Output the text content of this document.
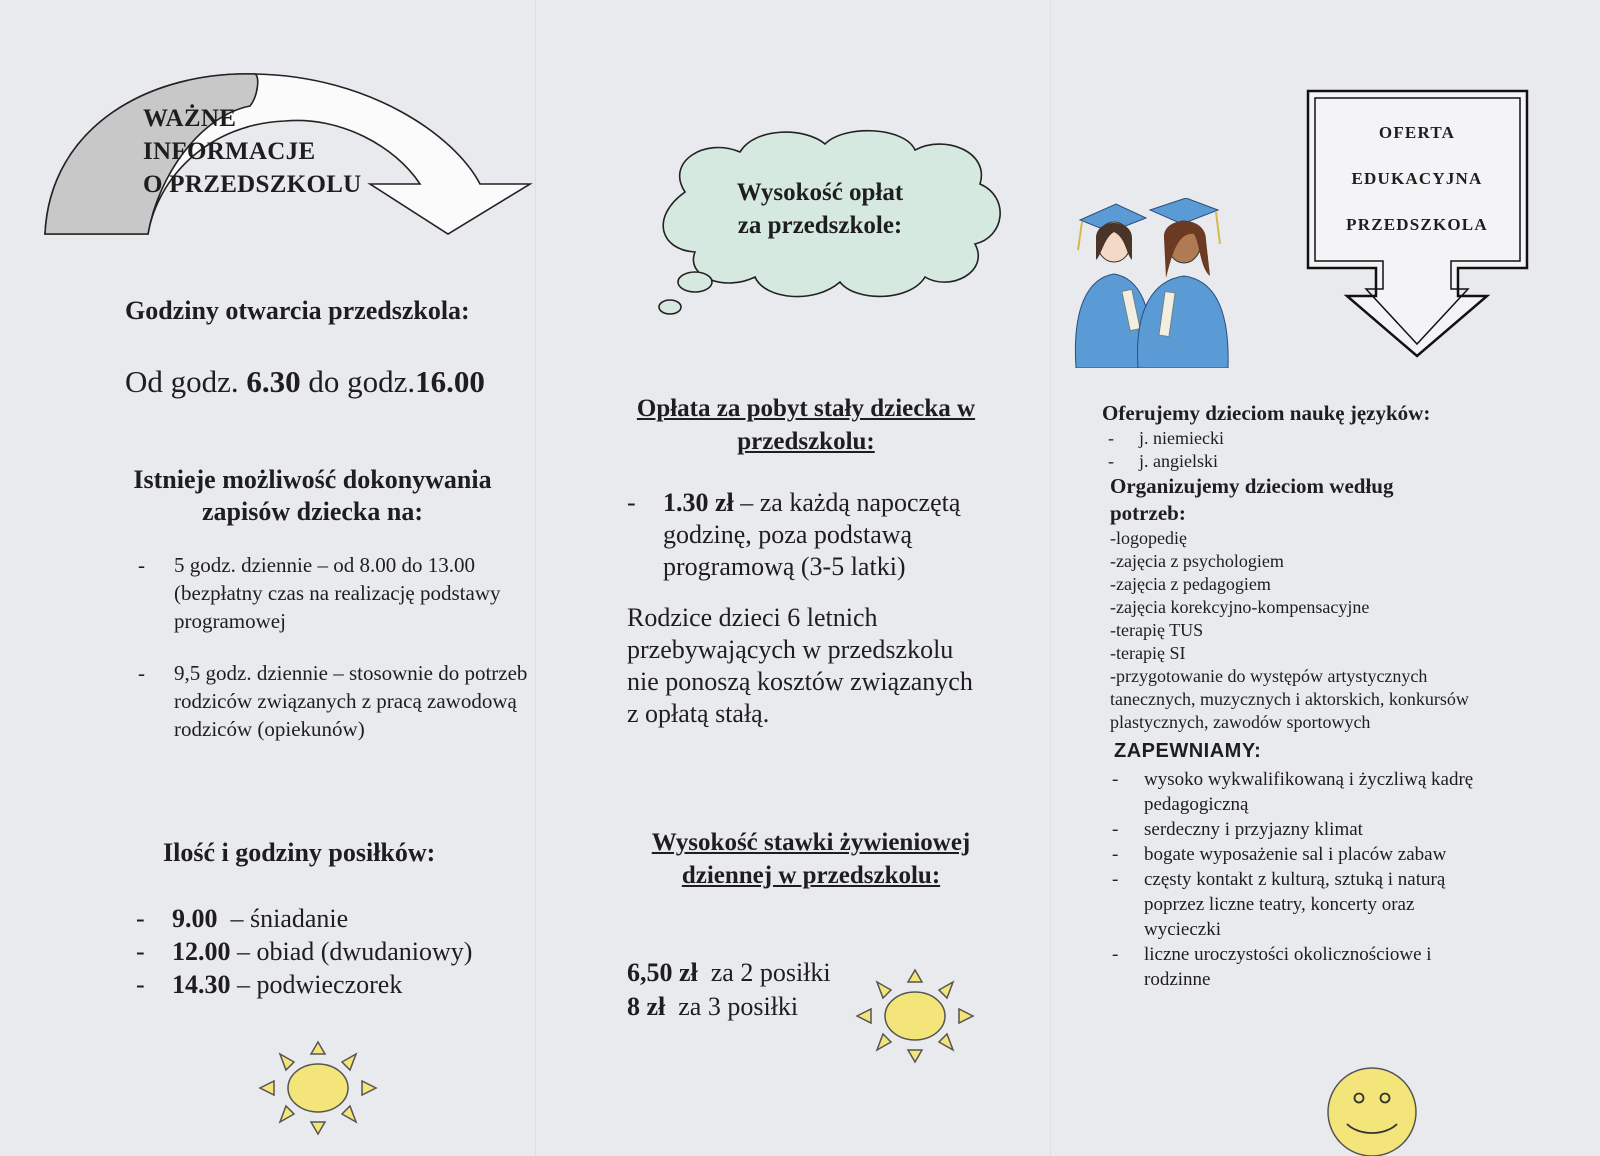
WAŻNE
INFORMACJE
O PRZEDSZKOLU
Godziny otwarcia przedszkola:
Od godz. 6.30 do godz.16.00
Istnieje możliwość dokonywania
zapisów dziecka na:
- 5 godz. dziennie – od 8.00 do 13.00 (bezpłatny czas na realizację podstawy programowej
- 9,5 godz. dziennie – stosownie do potrzeb rodziców związanych z pracą zawodową rodziców (opiekunów)
Ilość i godziny posiłków:
- 9.00  – śniadanie
- 12.00 – obiad (dwudaniowy)
- 14.30 – podwieczorek
Wysokość opłat
za przedszkole:
Opłata za pobyt stały dziecka w przedszkolu:
- 1.30 zł – za każdą napoczętą godzinę, poza podstawą programową (3-5 latki)
Rodzice dzieci 6 letnich przebywających w przedszkolu nie ponoszą kosztów związanych z opłatą stałą.
Wysokość stawki żywieniowej dziennej w przedszkolu:
6,50 zł  za 2 posiłki
8 zł  za 3 posiłki
OFERTA
EDUKACYJNA
PRZEDSZKOLA
Oferujemy dzieciom naukę języków:
- j. niemiecki
- j. angielski
Organizujemy dzieciom według potrzeb:
-logopedię
-zajęcia z psychologiem
-zajęcia z pedagogiem
-zajęcia korekcyjno-kompensacyjne
-terapię TUS
-terapię SI
-przygotowanie do występów artystycznych tanecznych, muzycznych i aktorskich, konkursów plastycznych, zawodów sportowych
ZAPEWNIAMY:
- wysoko wykwalifikowaną i życzliwą kadrę pedagogiczną
- serdeczny i przyjazny klimat
- bogate wyposażenie sal i placów zabaw
- częsty kontakt z kulturą, sztuką i naturą poprzez liczne teatry, koncerty oraz wycieczki
- liczne uroczystości okolicznościowe i rodzinne
